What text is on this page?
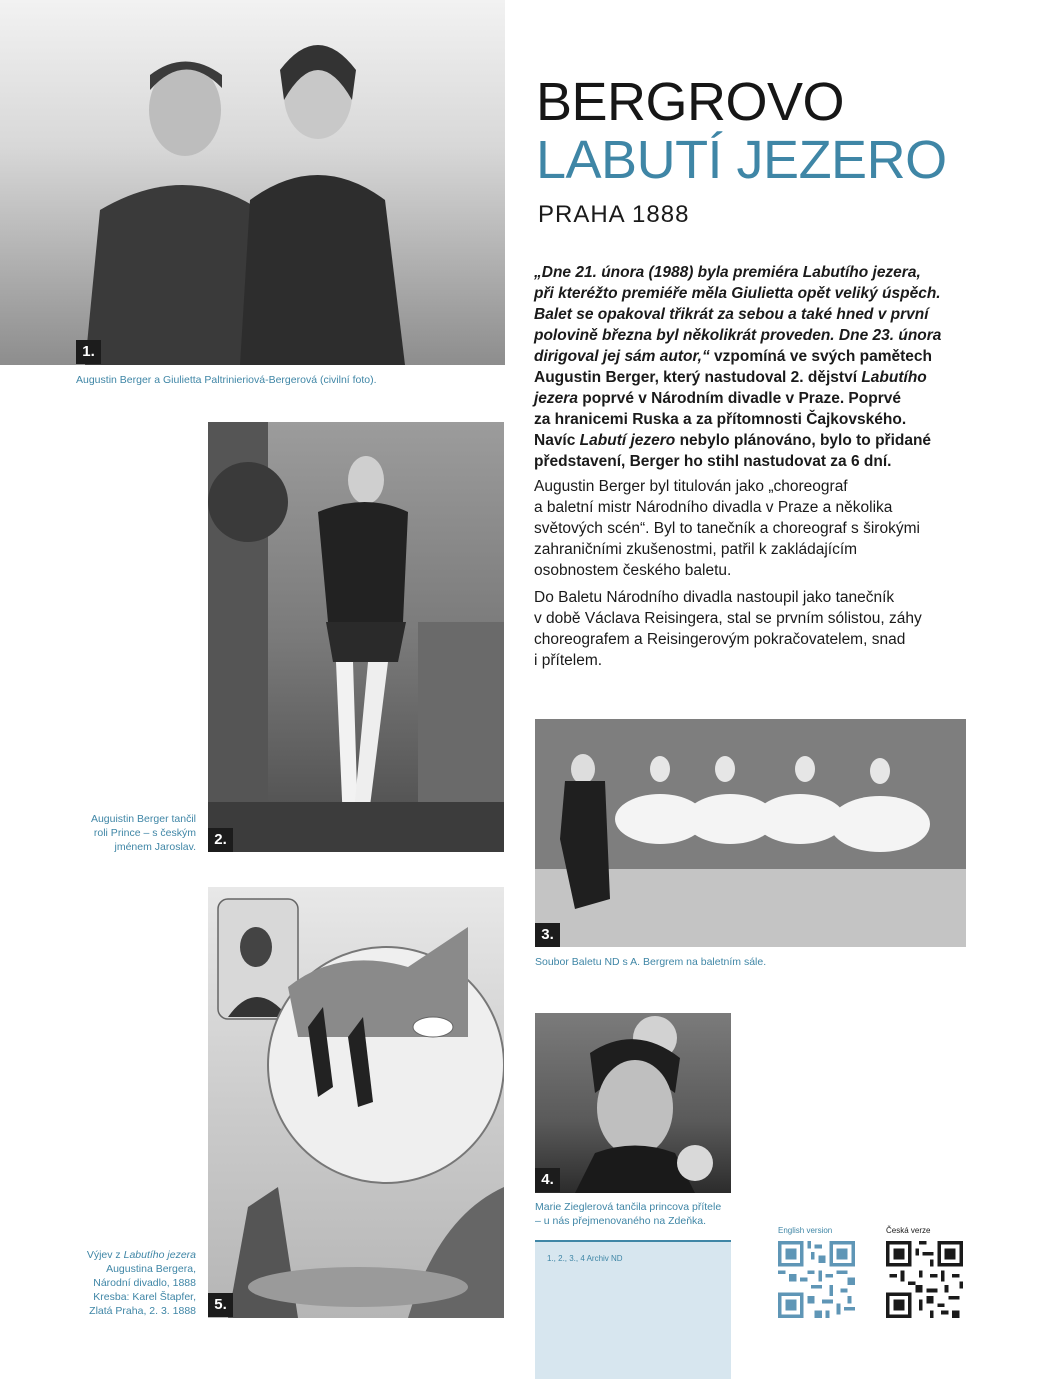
1.
Augustin Berger a Giulietta Paltrinieriová-Bergerová (civilní foto).
BERGROVO
LABUTÍ JEZERO
PRAHA 1888
„Dne 21. února (1988) byla premiéra Labutího jezera,
při kteréžto premiéře měla Giulietta opět veliký úspěch.
Balet se opakoval třikrát za sebou a také hned v první
polovině března byl několikrát proveden. Dne 23. února
dirigoval jej sám autor,“ vzpomíná ve svých pamětech
Augustin Berger, který nastudoval 2. dějství Labutího
jezera poprvé v Národním divadle v Praze. Poprvé
za hranicemi Ruska a za přítomnosti Čajkovského.
Navíc Labutí jezero nebylo plánováno, bylo to přidané
představení, Berger ho stihl nastudovat za 6 dní.
Augustin Berger byl titulován jako „choreograf
a baletní mistr Národního divadla v Praze a několika
světových scén“. Byl to tanečník a choreograf s širokými
zahraničními zkušenostmi, patřil k zakládajícím
osobnostem českého baletu.
Do Baletu Národního divadla nastoupil jako tanečník
v době Václava Reisingera, stal se prvním sólistou, záhy
choreografem a Reisingerovým pokračovatelem, snad
i přítelem.
2.
Auguistin Berger tančil
roli Prince – s českým
jménem Jaroslav.
3.
Soubor Baletu ND s A. Bergrem na baletním sále.
4.
Marie Zieglerová tančila princova přítele
– u nás přejmenovaného na Zdeňka.
5.
Výjev z Labutího jezera
Augustina Bergera,
Národní divadlo, 1888
Kresba: Karel Štapfer,
Zlatá Praha, 2. 3. 1888
1., 2., 3., 4 Archiv ND
English version	Česká verze
